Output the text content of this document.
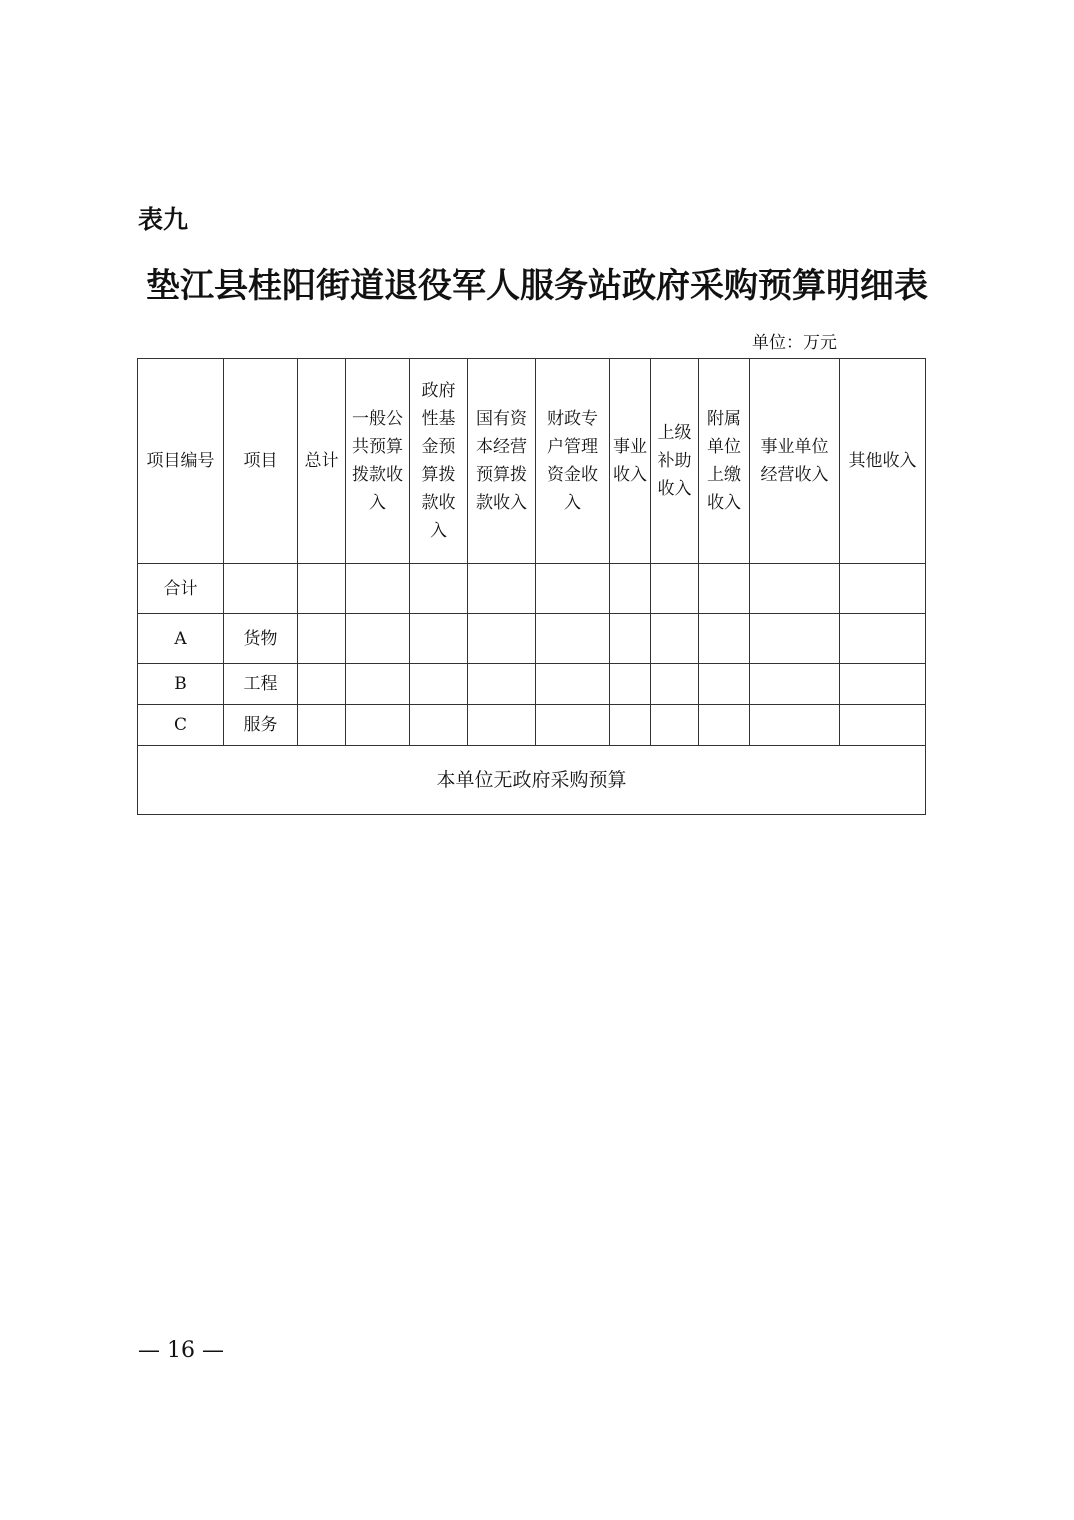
表九
垫江县桂阳街道退役军人服务站政府采购预算明细表
单位：万元
项目编号	项目	总计	一般公共预算拨款收入	政府性基金预算拨款收入	国有资本经营预算拨款收入	财政专户管理资金收入	事业收入	上级补助收入	附属单位上缴收入	事业单位经营收入	其他收入
合计											
A	货物										
B	工程										
C	服务										
本单位无政府采购预算											
— 16 —
